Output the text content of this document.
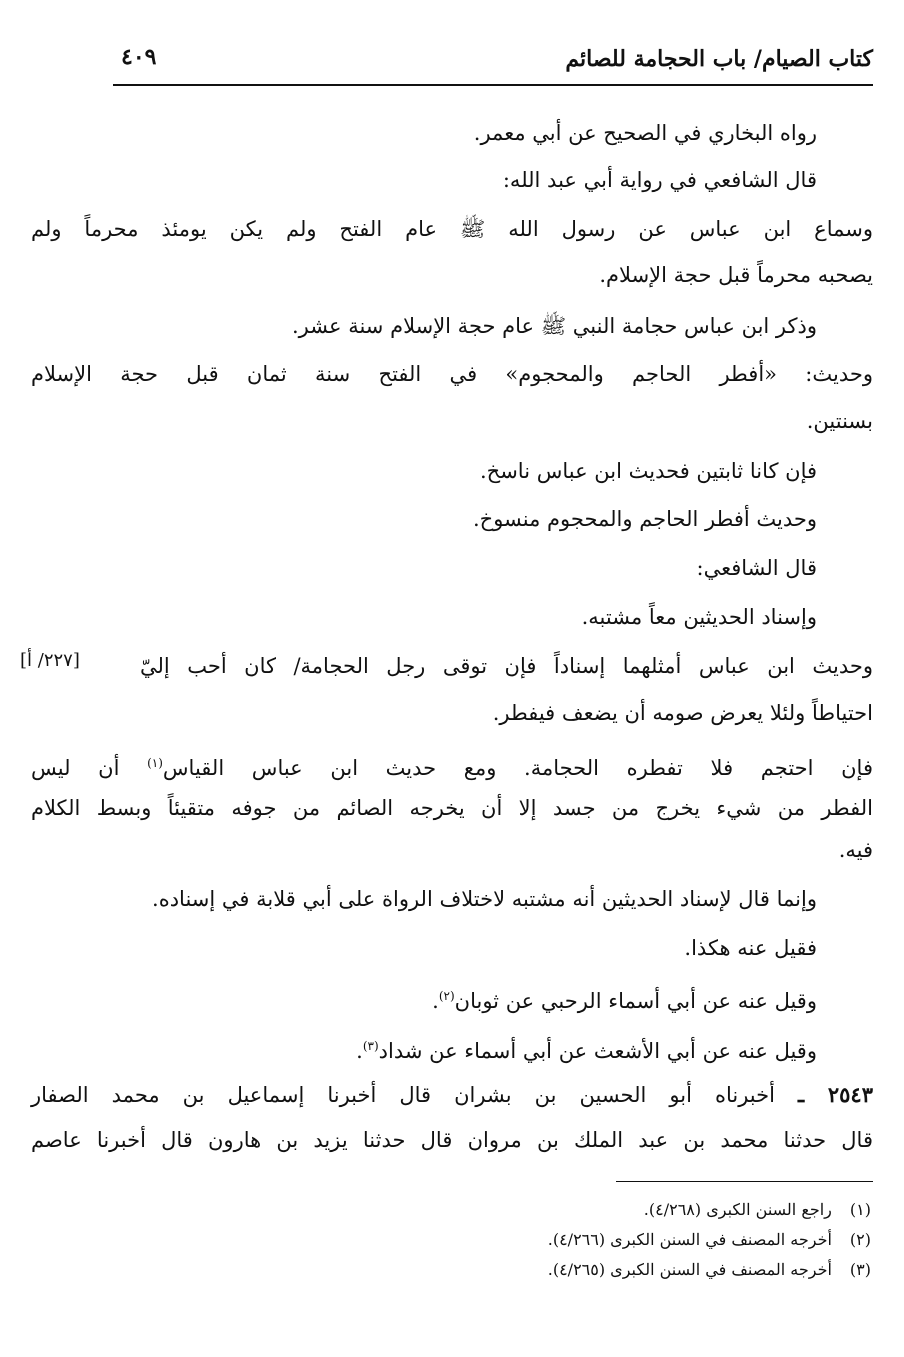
كتاب الصيام/ باب الحجامة للصائم
٤٠٩
رواه البخاري في الصحيح عن أبي معمر.
قال الشافعي في رواية أبي عبد الله:
وسماع ابن عباس عن رسول الله ﷺ عام الفتح ولم يكن يومئذ محرماً ولم
يصحبه محرماً قبل حجة الإسلام.
وذكر ابن عباس حجامة النبي ﷺ عام حجة الإسلام سنة عشر.
وحديث: «أفطر الحاجم والمحجوم» في الفتح سنة ثمان قبل حجة الإسلام
بسنتين.
فإن كانا ثابتين فحديث ابن عباس ناسخ.
وحديث أفطر الحاجم والمحجوم منسوخ.
قال الشافعي:
وإسناد الحديثين معاً مشتبه.
وحديث ابن عباس أمثلهما إسناداً فإن توقى رجل الحجامة/ كان أحب إليّ
[٢٢٧/ أ]
احتياطاً ولئلا يعرض صومه أن يضعف فيفطر.
فإن احتجم فلا تفطره الحجامة. ومع حديث ابن عباس القياس$^{(١)}$ أن ليس
الفطر من شيء يخرج من جسد إلا أن يخرجه الصائم من جوفه متقيئاً وبسط الكلام
فيه.
وإنما قال لإسناد الحديثين أنه مشتبه لاختلاف الرواة على أبي قلابة في إسناده.
فقيل عنه هكذا.
وقيل عنه عن أبي أسماء الرحبي عن ثوبان$^{(٢)}$.
وقيل عنه عن أبي الأشعث عن أبي أسماء عن شداد$^{(٣)}$.
٢٥٤٣ ـ أخبرناه أبو الحسين بن بشران قال أخبرنا إسماعيل بن محمد الصفار
قال حدثنا محمد بن عبد الملك بن مروان قال حدثنا يزيد بن هارون قال أخبرنا عاصم
(١)راجع السنن الكبرى (٤/٢٦٨).
(٢)أخرجه المصنف في السنن الكبرى (٤/٢٦٦).
(٣)أخرجه المصنف في السنن الكبرى (٤/٢٦٥).
